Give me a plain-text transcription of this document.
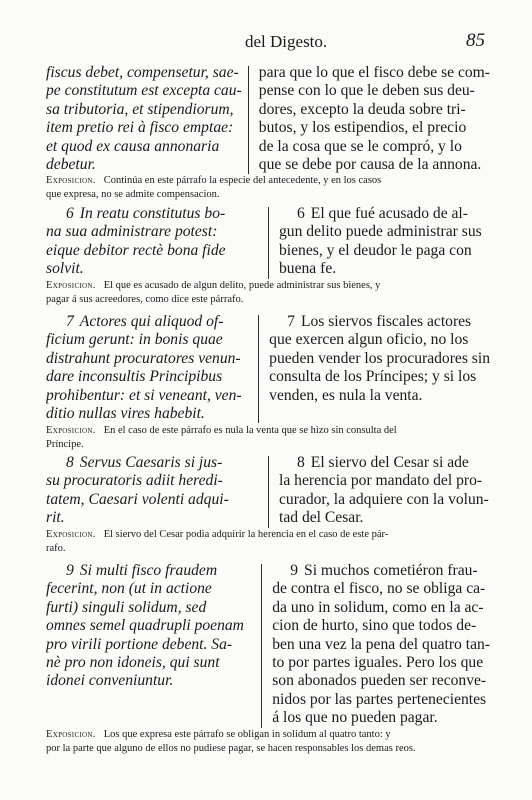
del Digesto.	85
fiscus debet, compensetur, sae-
pe constitutum est excepta cau-
sa tributoria, et stipendiorum,
item pretio rei à fisco emptae:
et quod ex causa annonaria
debetur.
para que lo que el fisco debe se com-
pense con lo que le deben sus deu-
dores, excepto la deuda sobre tri-
butos, y los estipendios, el precio
de la cosa que se le compró, y lo
que se debe por causa de la annona.
Exposicion. Continúa en este párrafo la especie del antecedente, y en los casos
que expresa, no se admite compensacion.
6 In reatu constitutus bo-
na sua administrare potest:
eique debitor rectè bona fide
solvit.
6 El que fué acusado de al-
gun delito puede administrar sus
bienes, y el deudor le paga con
buena fe.
Exposicion. El que es acusado de algun delito, puede administrar sus bienes, y
pagar á sus acreedores, como dice este párrafo.
7 Actores qui aliquod of-
ficium gerunt: in bonis quae
distrahunt procuratores venun-
dare inconsultis Principibus
prohibentur: et si veneant, ven-
ditio nullas vires habebit.
7 Los siervos fiscales actores
que exercen algun oficio, no los
pueden vender los procuradores sin
consulta de los Príncipes; y si los
venden, es nula la venta.
Exposicion. En el caso de este párrafo es nula la venta que se hizo sin consulta del
Príncipe.
8 Servus Caesaris si jus-
su procuratoris adiit heredi-
tatem, Caesari volenti adqui-
rit.
8 El siervo del Cesar si ade
la herencia por mandato del pro-
curador, la adquiere con la volun-
tad del Cesar.
Exposicion. El siervo del Cesar podia adquirir la herencia en el caso de este pár-
rafo.
9 Si multi fisco fraudem
fecerint, non (ut in actione
furti) singuli solidum, sed
omnes semel quadrupli poenam
pro virili portione debent. Sa-
nè pro non idoneis, qui sunt
idonei conveniuntur.
9 Si muchos cometiéron frau-
de contra el fisco, no se obliga ca-
da uno in solidum, como en la ac-
cion de hurto, sino que todos de-
ben una vez la pena del quatro tan-
to por partes iguales. Pero los que
son abonados pueden ser reconve-
nidos por las partes pertenecientes
á los que no pueden pagar.
Exposicion. Los que expresa este párrafo se obligan in solidum al quatro tanto: y
por la parte que alguno de ellos no pudiese pagar, se hacen responsables los demas reos.
